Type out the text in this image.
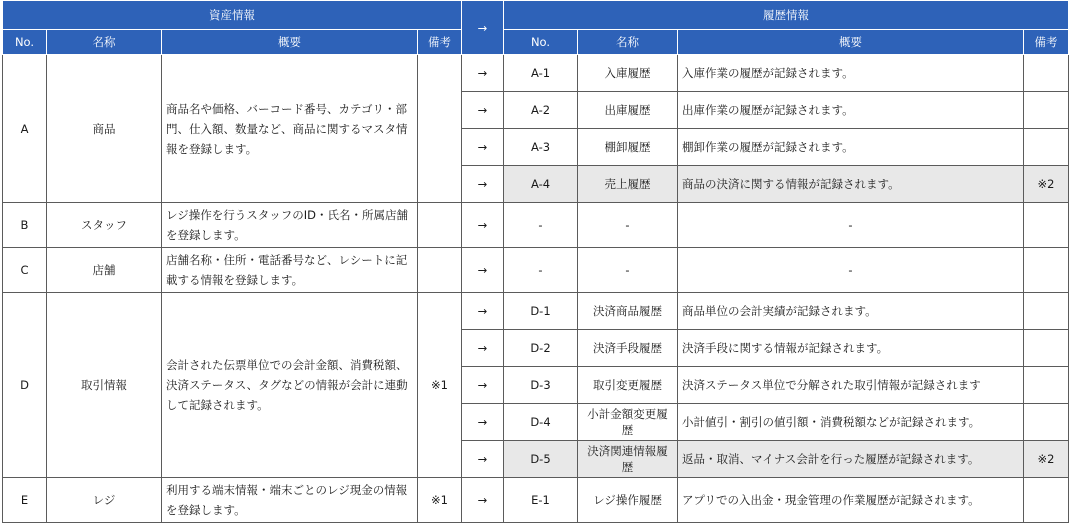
資産情報				→	履歴情報			
No.	名称	概要	備考		No.	名称	概要	備考
A	商品	商品名や価格、バーコード番号、カテゴリ・部門、仕入額、数量など、商品に関するマスタ情報を登録します。		→	A-1	入庫履歴	入庫作業の履歴が記録されます。	
				→	A-2	出庫履歴	出庫作業の履歴が記録されます。	
				→	A-3	棚卸履歴	棚卸作業の履歴が記録されます。	
				→	A-4	売上履歴	商品の決済に関する情報が記録されます。	※2
B	スタッフ	レジ操作を行うスタッフのID・氏名・所属店舗を登録します。		→	-	-	-	
C	店舗	店舗名称・住所・電話番号など、レシートに記載する情報を登録します。		→	-	-	-	
D	取引情報	会計された伝票単位での会計金額、消費税額、決済ステータス、タグなどの情報が会計に連動して記録されます。	※1	→	D-1	決済商品履歴	商品単位の会計実績が記録されます。	
				→	D-2	決済手段履歴	決済手段に関する情報が記録されます。	
				→	D-3	取引変更履歴	決済ステータス単位で分解された取引情報が記録されます	
				→	D-4	小計金額変更履歴	小計値引・割引の値引額・消費税額などが記録されます。	
				→	D-5	決済関連情報履歴	返品・取消、マイナス会計を行った履歴が記録されます。	※2
E	レジ	利用する端末情報・端末ごとのレジ現金の情報を登録します。	※1	→	E-1	レジ操作履歴	アプリでの入出金・現金管理の作業履歴が記録されます。	
